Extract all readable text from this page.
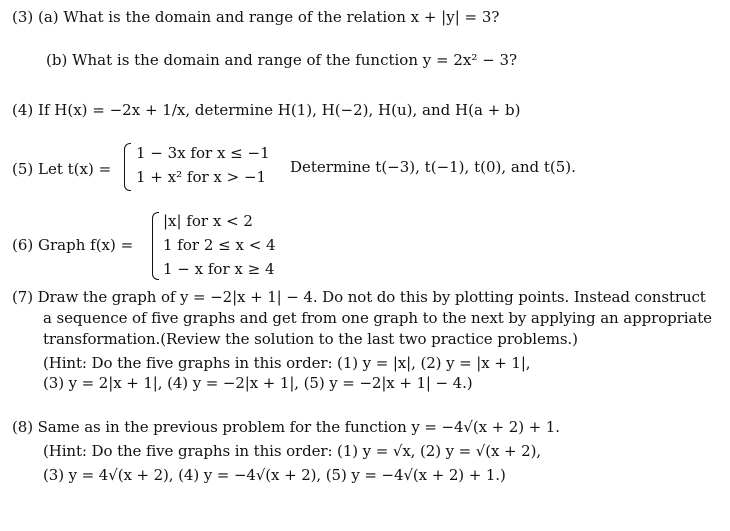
(3) (a) What is the domain and range of the relation x + |y| = 3?
(b) What is the domain and range of the function y = 2x² − 3?
(4) If H(x) = −2x + 1/x, determine H(1), H(−2), H(u), and H(a + b)
(5) Let t(x) =
1 − 3x for x ≤ −1
1 + x² for x > −1
Determine t(−3), t(−1), t(0), and t(5).
(6) Graph f(x) =
|x| for x < 2
1 for 2 ≤ x < 4
1 − x for x ≥ 4
(7) Draw the graph of y = −2|x + 1| − 4. Do not do this by plotting points. Instead construct
a sequence of five graphs and get from one graph to the next by applying an appropriate
transformation.(Review the solution to the last two practice problems.)
(Hint: Do the five graphs in this order: (1) y = |x|, (2) y = |x + 1|,
(3) y = 2|x + 1|, (4) y = −2|x + 1|, (5) y = −2|x + 1| − 4.)
(8) Same as in the previous problem for the function y = −4√(x + 2) + 1.
(Hint: Do the five graphs in this order: (1) y = √x, (2) y = √(x + 2),
(3) y = 4√(x + 2), (4) y = −4√(x + 2), (5) y = −4√(x + 2) + 1.)
